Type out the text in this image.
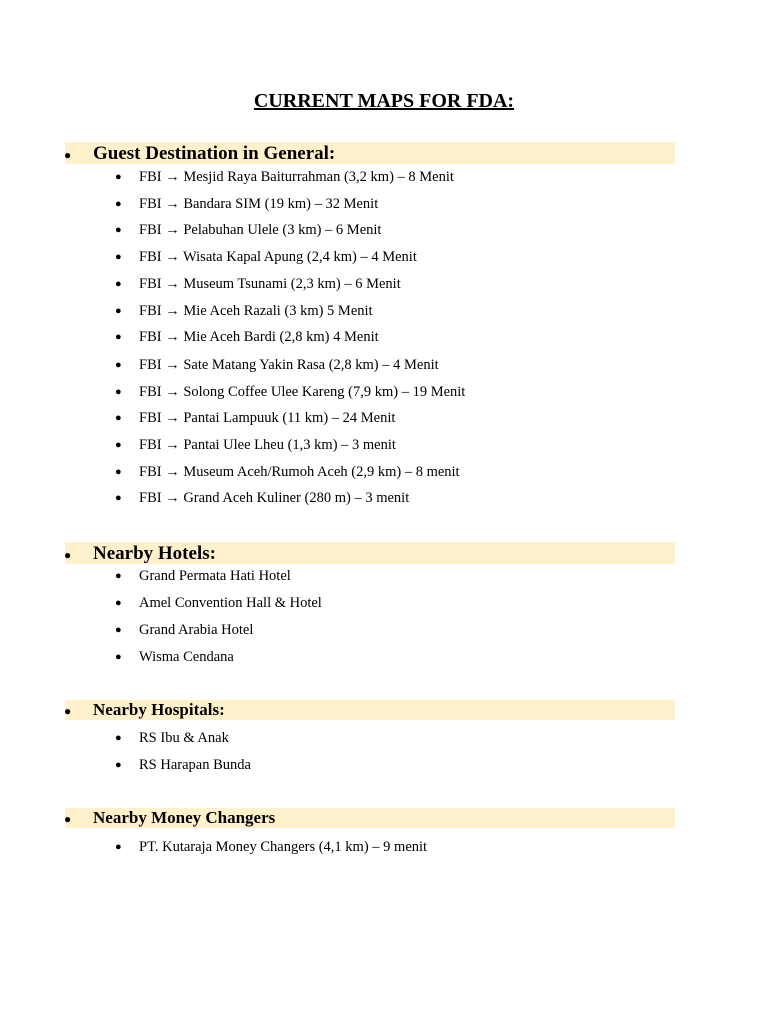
CURRENT MAPS FOR FDA:
● Guest Destination in General:
● FBI → Mesjid Raya Baiturrahman (3,2 km) – 8 Menit
● FBI → Bandara SIM (19 km) – 32 Menit
● FBI → Pelabuhan Ulele (3 km) – 6 Menit
● FBI → Wisata Kapal Apung (2,4 km) – 4 Menit
● FBI → Museum Tsunami (2,3 km) – 6 Menit
● FBI → Mie Aceh Razali (3 km) 5 Menit
● FBI → Mie Aceh Bardi (2,8 km) 4 Menit
● FBI → Sate Matang Yakin Rasa (2,8 km) – 4 Menit
● FBI → Solong Coffee Ulee Kareng (7,9 km) – 19 Menit
● FBI → Pantai Lampuuk (11 km) – 24 Menit
● FBI → Pantai Ulee Lheu (1,3 km) – 3 menit
● FBI → Museum Aceh/Rumoh Aceh (2,9 km) – 8 menit
● FBI → Grand Aceh Kuliner (280 m) – 3 menit
● Nearby Hotels:
● Grand Permata Hati Hotel
● Amel Convention Hall & Hotel
● Grand Arabia Hotel
● Wisma Cendana
● Nearby Hospitals:
● RS Ibu & Anak
● RS Harapan Bunda
● Nearby Money Changers
● PT. Kutaraja Money Changers (4,1 km) – 9 menit
